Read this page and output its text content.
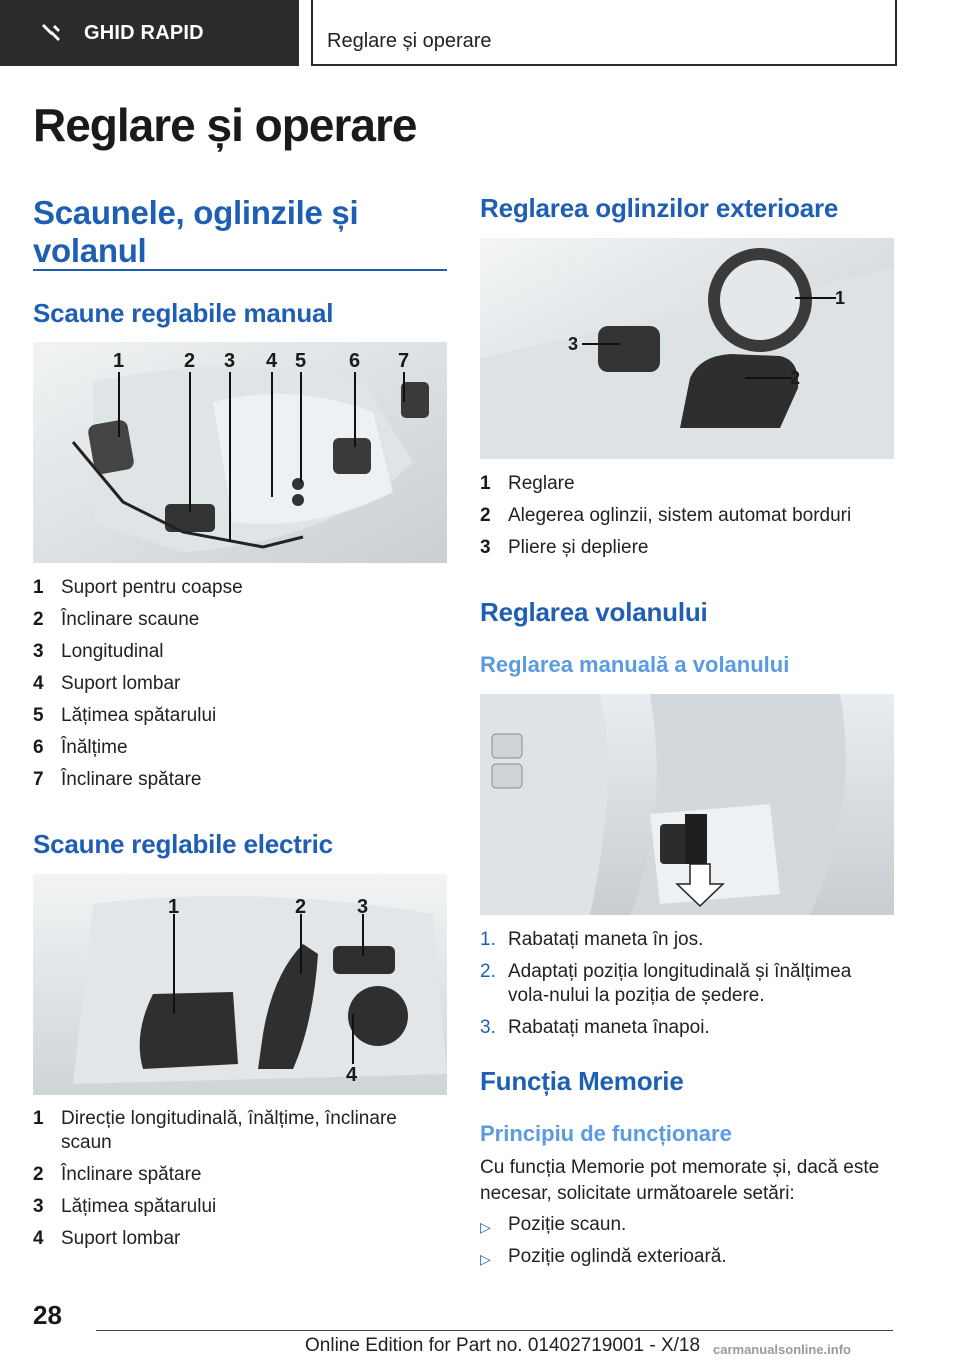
GHID RAPID	Reglare și operare
Reglare și operare
Scaunele, oglinzile și volanul
Scaune reglabile manual
1	2 3 4 5 6 7
1 Suport pentru coapse
2 Înclinare scaune
3 Longitudinal
4 Suport lombar
5 Lățimea spătarului
6 Înălțime
7 Înclinare spătare
Scaune reglabile electric
1	2	3
4
1 Direcție longitudinală, înălțime, înclinare scaun
2 Înclinare spătare
3 Lățimea spătarului
4 Suport lombar
Reglarea oglinzilor exterioare
1
2
3
1 Reglare
2 Alegerea oglinzii, sistem automat borduri
3 Pliere și depliere
Reglarea volanului
Reglarea manuală a volanului
1. Rabatați maneta în jos.
2. Adaptați poziția longitudinală și înălțimea vola-nului la poziția de ședere.
3. Rabatați maneta înapoi.
Funcția Memorie
Principiu de funcționare

Cu funcția Memorie pot memorate și, dacă este necesar, solicitate următoarele setări:

▷ Poziție scaun.
▷ Poziție oglindă exterioară.
28
Online Edition for Part no. 01402719001 - X/18 carmanualsonline.info
